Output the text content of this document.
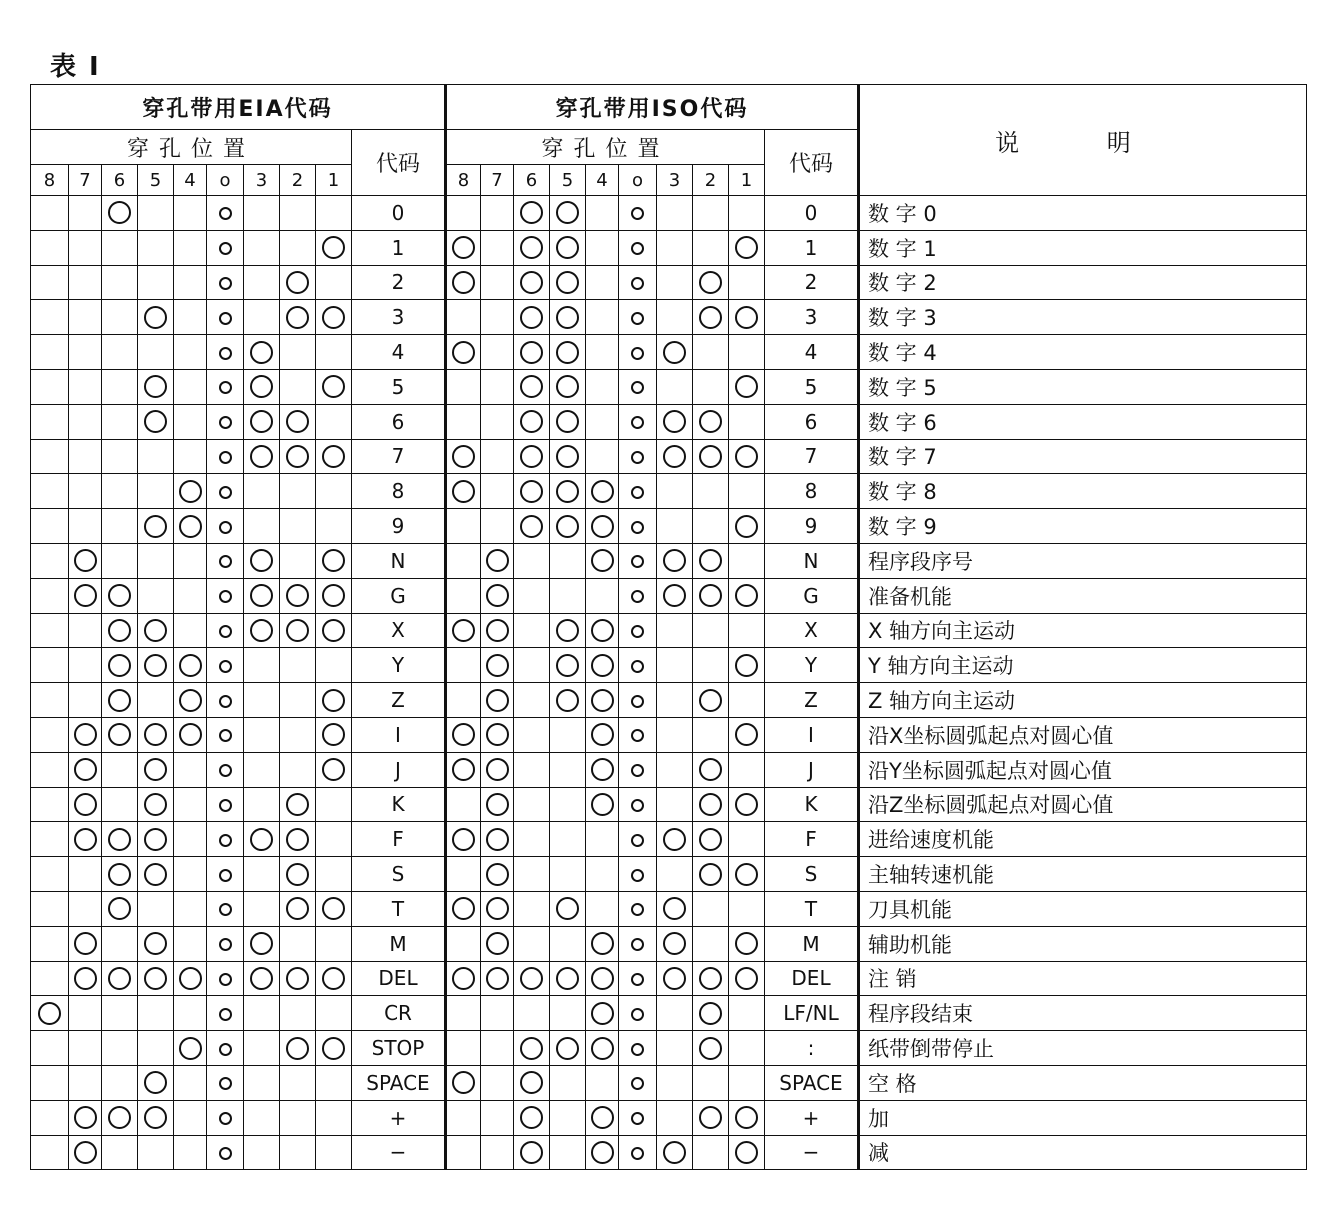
表 I
穿孔带用EIA代码										穿孔带用ISO代码										说 明
穿孔位置									代码	穿孔位置									代码	
8	7	6	5	4	o	3	2	1		8	7	6	5	4	o	3	2	1		
									0										0	数 字 0
									1										1	数 字 1
									2										2	数 字 2
									3										3	数 字 3
									4										4	数 字 4
									5										5	数 字 5
									6										6	数 字 6
									7										7	数 字 7
									8										8	数 字 8
									9										9	数 字 9
									N										N	程序段序号
									G										G	准备机能
									X										X	X 轴方向主运动
									Y										Y	Y 轴方向主运动
									Z										Z	Z 轴方向主运动
									I										I	沿X坐标圆弧起点对圆心值
									J										J	沿Y坐标圆弧起点对圆心值
									K										K	沿Z坐标圆弧起点对圆心值
									F										F	进给速度机能
									S										S	主轴转速机能
									T										T	刀具机能
									M										M	辅助机能
									DEL										DEL	注 销
									CR										LF/NL	程序段结束
									STOP										:	纸带倒带停止
									SPACE										SPACE	空 格
									+										+	加
									−										−	减
